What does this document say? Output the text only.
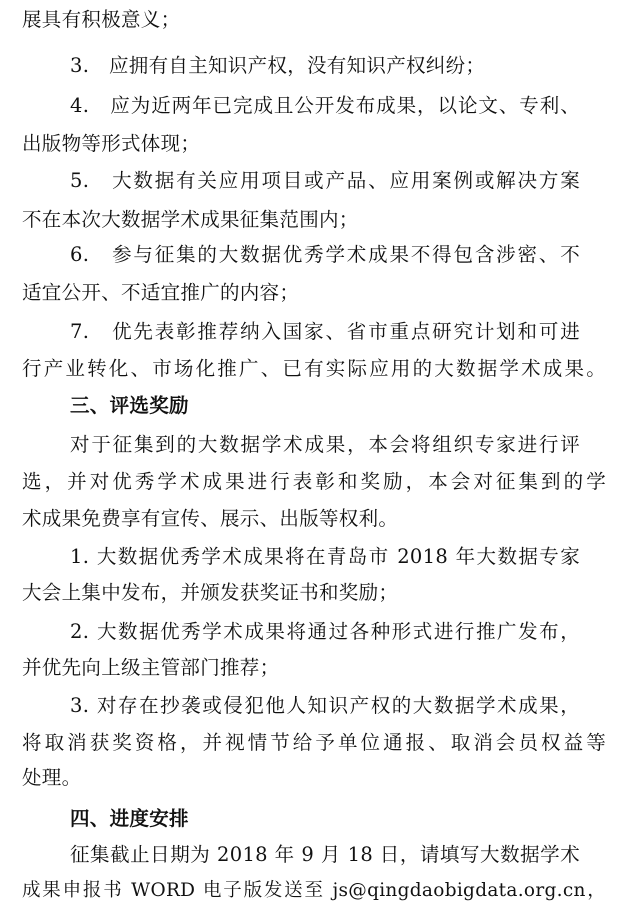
展具有积极意义；
3.　应拥有自主知识产权，没有知识产权纠纷；
4.　应为近两年已完成且公开发布成果，以论文、专利、
出版物等形式体现；
5.　大数据有关应用项目或产品、应用案例或解决方案
不在本次大数据学术成果征集范围内；
6.　参与征集的大数据优秀学术成果不得包含涉密、不
适宜公开、不适宜推广的内容；
7.　优先表彰推荐纳入国家、省市重点研究计划和可进
行产业转化、市场化推广、已有实际应用的大数据学术成果。
三、评选奖励
对于征集到的大数据学术成果，本会将组织专家进行评
选，并对优秀学术成果进行表彰和奖励，本会对征集到的学
术成果免费享有宣传、展示、出版等权利。
1. 大数据优秀学术成果将在青岛市 2018 年大数据专家
大会上集中发布，并颁发获奖证书和奖励；
2. 大数据优秀学术成果将通过各种形式进行推广发布，
并优先向上级主管部门推荐；
3. 对存在抄袭或侵犯他人知识产权的大数据学术成果，
将取消获奖资格，并视情节给予单位通报、取消会员权益等
处理。
四、进度安排
征集截止日期为 2018 年 9 月 18 日，请填写大数据学术
成果申报书 WORD 电子版发送至 js@qingdaobigdata.org.cn，
